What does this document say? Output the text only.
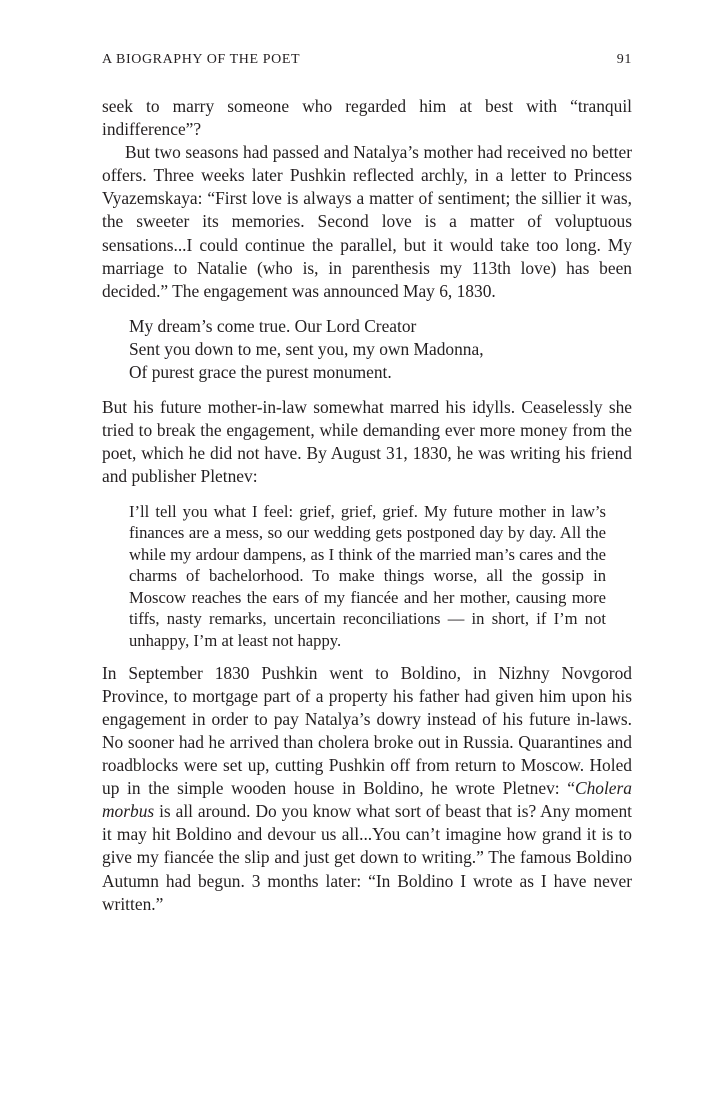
A BIOGRAPHY OF THE POET	91

seek to marry someone who regarded him at best with “tranquil indifference”?

But two seasons had passed and Natalya’s mother had received no better offers. Three weeks later Pushkin reflected archly, in a letter to Princess Vyazemskaya: “First love is always a matter of sentiment; the sillier it was, the sweeter its memories. Second love is a matter of voluptuous sensations...I could continue the parallel, but it would take too long. My marriage to Natalie (who is, in parenthesis my 113th love) has been decided.” The engagement was announced May 6, 1830.

My dream’s come true. Our Lord Creator
Sent you down to me, sent you, my own Madonna,
Of purest grace the purest monument.

But his future mother-in-law somewhat marred his idylls. Ceaselessly she tried to break the engagement, while demanding ever more money from the poet, which he did not have. By August 31, 1830, he was writing his friend and publisher Pletnev:

I’ll tell you what I feel: grief, grief, grief. My future mother in law’s finances are a mess, so our wedding gets postponed day by day. All the while my ardour dampens, as I think of the married man’s cares and the charms of bachelorhood. To make things worse, all the gossip in Moscow reaches the ears of my fiancée and her mother, causing more tiffs, nasty remarks, uncertain reconciliations — in short, if I’m not unhappy, I’m at least not happy.

In September 1830 Pushkin went to Boldino, in Nizhny Novgorod Province, to mortgage part of a property his father had given him upon his engagement in order to pay Natalya’s dowry instead of his future in-laws. No sooner had he arrived than cholera broke out in Russia. Quarantines and roadblocks were set up, cutting Pushkin off from return to Moscow. Holed up in the simple wooden house in Boldino, he wrote Pletnev: “Cholera morbus is all around. Do you know what sort of beast that is? Any moment it may hit Boldino and devour us all...You can’t imagine how grand it is to give my fiancée the slip and just get down to writing.” The famous Boldino Autumn had begun. 3 months later: “In Boldino I wrote as I have never written.”
